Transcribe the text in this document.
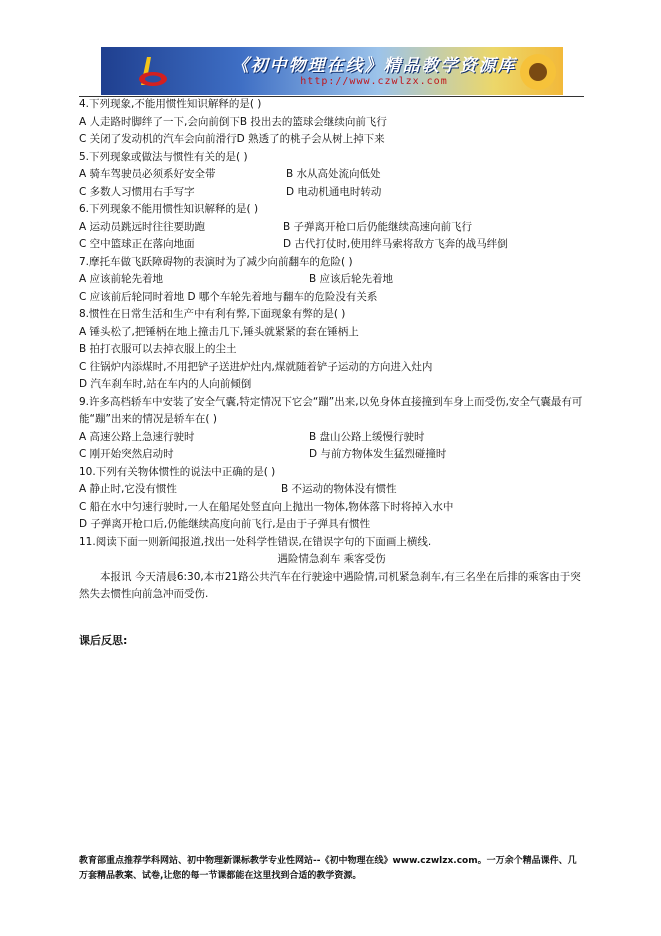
《初中物理在线》精品教学资源库
http://www.czwlzx.com
4.下列现象,不能用惯性知识解释的是( )
A 人走路时脚绊了一下,会向前倒下 B 投出去的篮球会继续向前飞行
C 关闭了发动机的汽车会向前滑行 D 熟透了的桃子会从树上掉下来
5.下列现象或做法与惯性有关的是( )
A 骑车驾驶员必须系好安全带	B 水从高处流向低处
C 多数人习惯用右手写字	D 电动机通电时转动
6.下列现象不能用惯性知识解释的是( )
A 运动员跳远时往往要助跑	B 子弹离开枪口后仍能继续高速向前飞行
C 空中篮球正在落向地面	D 古代打仗时,使用绊马索将敌方飞奔的战马绊倒
7.摩托车做飞跃障碍物的表演时为了减少向前翻车的危险( )
A 应该前轮先着地	B 应该后轮先着地
C 应该前后轮同时着地 D 哪个车轮先着地与翻车的危险没有关系
8.惯性在日常生活和生产中有利有弊,下面现象有弊的是( )
A 锤头松了,把锤柄在地上撞击几下,锤头就紧紧的套在锤柄上
B 拍打衣服可以去掉衣服上的尘土
C 往锅炉内添煤时,不用把铲子送进炉灶内,煤就随着铲子运动的方向进入灶内
D 汽车刹车时,站在车内的人向前倾倒
9.许多高档轿车中安装了安全气囊,特定情况下它会“蹦”出来,以免身体直接撞到车身上而受伤,安全气囊最有可能“蹦”出来的情况是轿车在( )
A 高速公路上急速行驶时	B 盘山公路上缓慢行驶时
C 刚开始突然启动时	D 与前方物体发生猛烈碰撞时
10.下列有关物体惯性的说法中正确的是( )
A 静止时,它没有惯性	B 不运动的物体没有惯性
C 船在水中匀速行驶时,一人在船尾处竖直向上抛出一物体,物体落下时将掉入水中
D 子弹离开枪口后,仍能继续高度向前飞行,是由于子弹具有惯性
11.阅读下面一则新闻报道,找出一处科学性错误,在错误字句的下面画上横线.
遇险情急刹车 乘客受伤
本报讯 今天清晨6:30,本市21路公共汽车在行驶途中遇险情,司机紧急刹车,有三名坐在后排的乘客由于突然失去惯性向前急冲而受伤.
课后反思:
教育部重点推荐学科网站、初中物理新课标教学专业性网站--《初中物理在线》www.czwlzx.com。一万余个精品课件、几万套精品教案、试卷,让您的每一节课都能在这里找到合适的教学资源。
